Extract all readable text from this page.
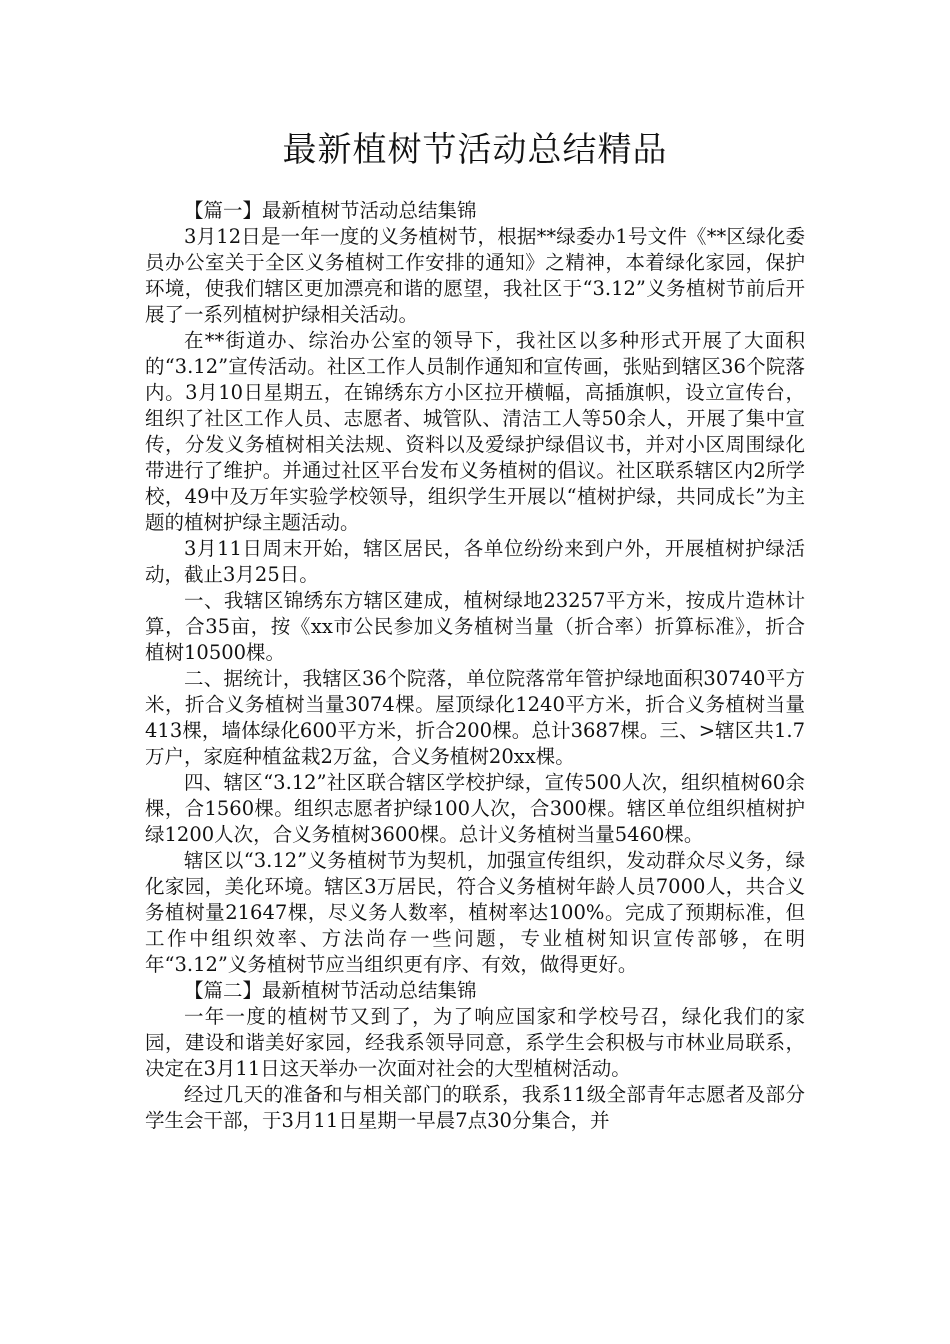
最新植树节活动总结精品

【篇一】最新植树节活动总结集锦

3月12日是一年一度的义务植树节，根据**绿委办1号文件《**区绿化委员办公室关于全区义务植树工作安排的通知》之精神，本着绿化家园，保护环境，使我们辖区更加漂亮和谐的愿望，我社区于“3.12”义务植树节前后开展了一系列植树护绿相关活动。

在**街道办、综治办公室的领导下，我社区以多种形式开展了大面积的“3.12”宣传活动。社区工作人员制作通知和宣传画，张贴到辖区36个院落内。3月10日星期五，在锦绣东方小区拉开横幅，高插旗帜，设立宣传台，组织了社区工作人员、志愿者、城管队、清洁工人等50余人，开展了集中宣传，分发义务植树相关法规、资料以及爱绿护绿倡议书，并对小区周围绿化带进行了维护。并通过社区平台发布义务植树的倡议。社区联系辖区内2所学校，49中及万年实验学校领导，组织学生开展以“植树护绿，共同成长”为主题的植树护绿主题活动。

3月11日周末开始，辖区居民，各单位纷纷来到户外，开展植树护绿活动，截止3月25日。

一、我辖区锦绣东方辖区建成，植树绿地23257平方米，按成片造林计算，合35亩，按《xx市公民参加义务植树当量（折合率）折算标准》，折合植树10500棵。

二、据统计，我辖区36个院落，单位院落常年管护绿地面积30740平方米，折合义务植树当量3074棵。屋顶绿化1240平方米，折合义务植树当量413棵，墙体绿化600平方米，折合200棵。总计3687棵。三、>辖区共1.7万户，家庭种植盆栽2万盆，合义务植树20xx棵。

四、辖区“3.12”社区联合辖区学校护绿，宣传500人次，组织植树60余棵，合1560棵。组织志愿者护绿100人次，合300棵。辖区单位组织植树护绿1200人次，合义务植树3600棵。总计义务植树当量5460棵。

辖区以“3.12”义务植树节为契机，加强宣传组织，发动群众尽义务，绿化家园，美化环境。辖区3万居民，符合义务植树年龄人员7000人，共合义务植树量21647棵，尽义务人数率，植树率达100%。完成了预期标准，但工作中组织效率、方法尚存一些问题，专业植树知识宣传部够，在明年“3.12”义务植树节应当组织更有序、有效，做得更好。

【篇二】最新植树节活动总结集锦

一年一度的植树节又到了，为了响应国家和学校号召，绿化我们的家园，建设和谐美好家园，经我系领导同意，系学生会积极与市林业局联系，决定在3月11日这天举办一次面对社会的大型植树活动。

经过几天的准备和与相关部门的联系，我系11级全部青年志愿者及部分学生会干部，于3月11日星期一早晨7点30分集合，并
